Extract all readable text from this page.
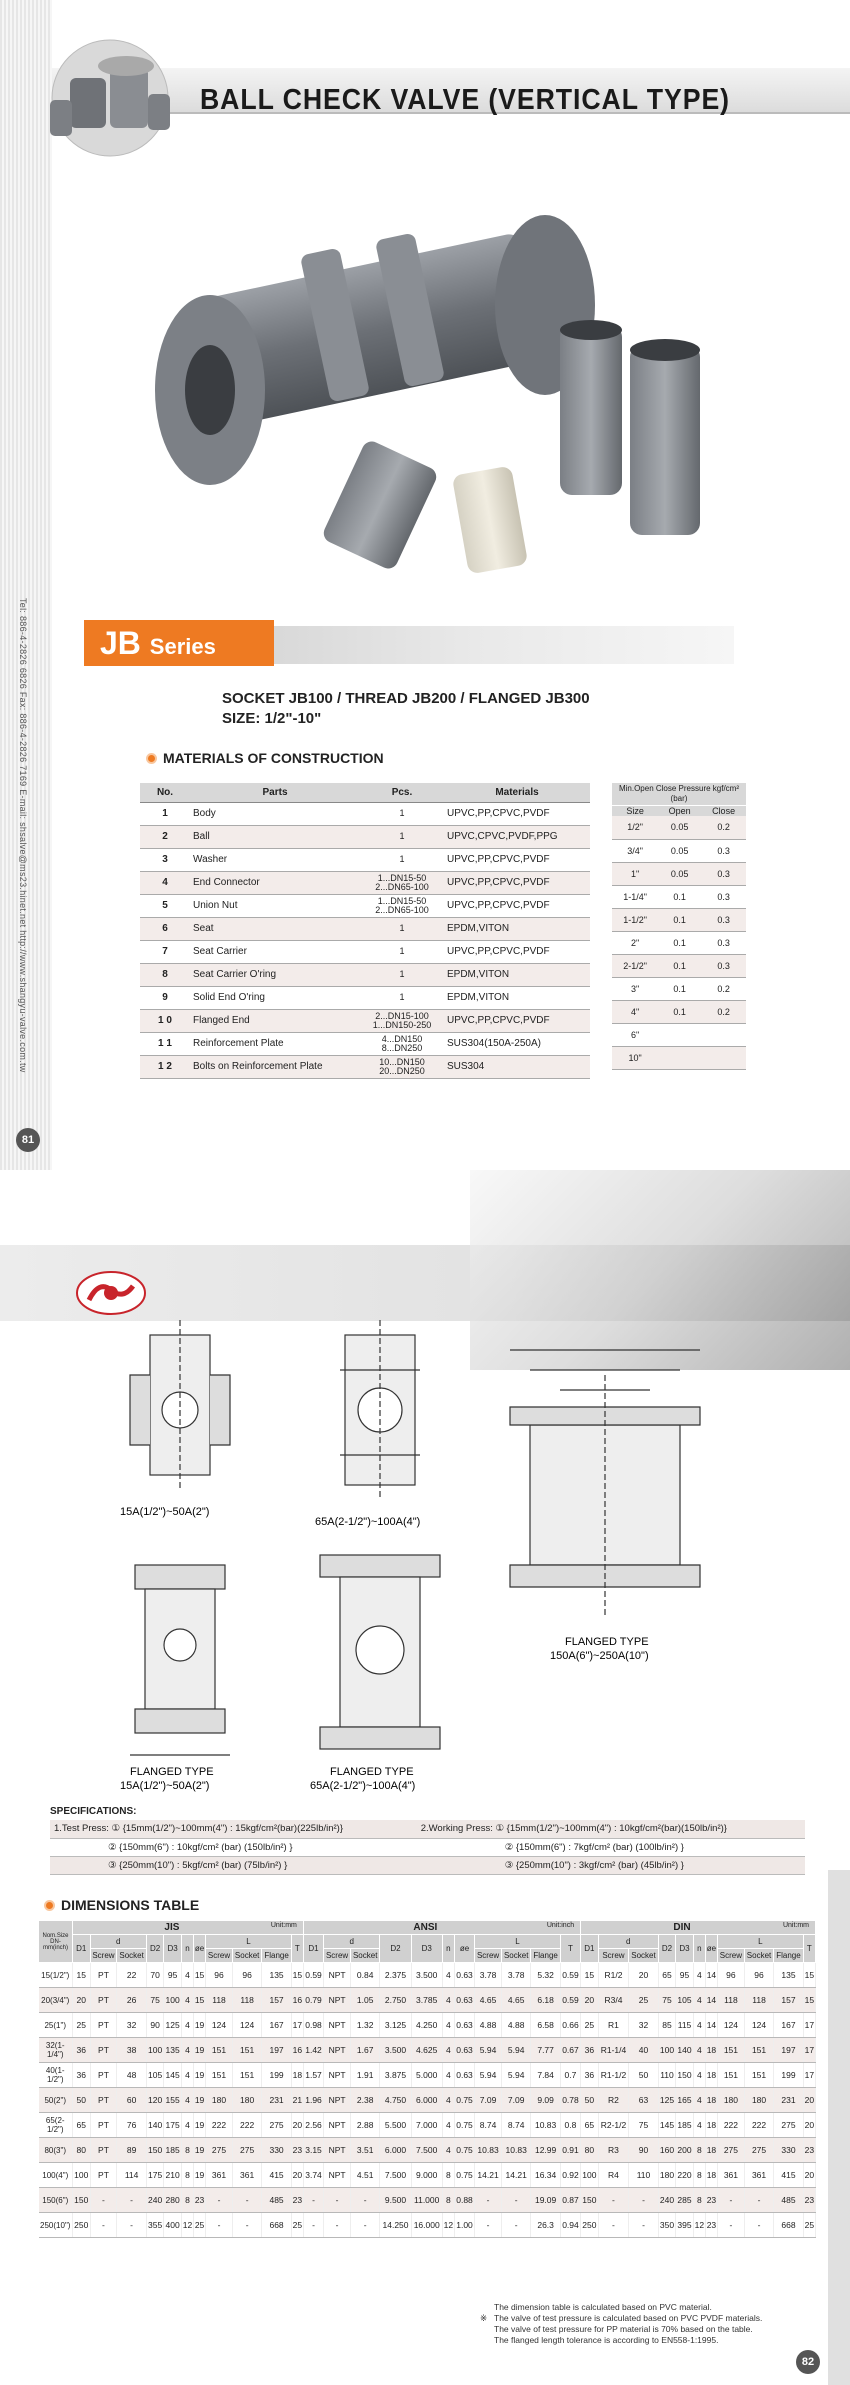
Tel: 886-4-2826 6826 Fax: 886-4-2826 7169 E-mail: shsalve@ms23.hinet.net http://www.shangyu-valve.com.tw
81
BALL CHECK VALVE (VERTICAL TYPE)
JB Series
SOCKET JB100 / THREAD JB200 / FLANGED JB300
SIZE: 1/2"-10"
MATERIALS OF CONSTRUCTION
No.	Parts	Pcs.	Materials
1	Body	1	UPVC,PP,CPVC,PVDF
2	Ball	1	UPVC,CPVC,PVDF,PPG
3	Washer	1	UPVC,PP,CPVC,PVDF
4	End Connector	1...DN15-50
2...DN65-100	UPVC,PP,CPVC,PVDF
5	Union Nut	1...DN15-50
2...DN65-100	UPVC,PP,CPVC,PVDF
6	Seat	1	EPDM,VITON
7	Seat Carrier	1	UPVC,PP,CPVC,PVDF
8	Seat Carrier O'ring	1	EPDM,VITON
9	Solid End O'ring	1	EPDM,VITON
1 0	Flanged End	2...DN15-100
1...DN150-250	UPVC,PP,CPVC,PVDF
1 1	Reinforcement Plate	4...DN150
8...DN250	SUS304(150A-250A)
1 2	Bolts on Reinforcement Plate	10...DN150
20...DN250	SUS304
Min.Open Close Pressure kgf/cm² (bar)
Size	Open	Close
1/2"	0.05	0.2
3/4"	0.05	0.3
1"	0.05	0.3
1-1/4"	0.1	0.3
1-1/2"	0.1	0.3
2"	0.1	0.3
2-1/2"	0.1	0.3
3"	0.1	0.2
4"	0.1	0.2
6"		
10"		
15A(1/2")~50A(2")
65A(2-1/2")~100A(4")
FLANGED TYPE
150A(6")~250A(10")
FLANGED TYPE
15A(1/2")~50A(2")
FLANGED TYPE
65A(2-1/2")~100A(4")
SPECIFICATIONS:
1.Test Press: ① {15mm(1/2")~100mm(4") : 15kgf/cm²(bar)(225lb/in²)}	2.Working Press: ① {15mm(1/2")~100mm(4") : 10kgf/cm²(bar)(150lb/in²)}
② {150mm(6") : 10kgf/cm² (bar) (150lb/in²) }	② {150mm(6") : 7kgf/cm² (bar) (100lb/in²) }
③ {250mm(10") : 5kgf/cm² (bar) (75lb/in²) }	③ {250mm(10") : 3kgf/cm² (bar) (45lb/in²) }
DIMENSIONS TABLE
Nom.Size DN-mm(inch)	JIS Unit:mm											ANSI Unit:inch											DIN Unit:mm										

	D1	d		D2	D3	n	øe	L			T	D1	d		D2	D3	n	øe	L			T	D1	d		D2	D3	n	øe	L			T
		Screw	Socket					Screw	Socket	Flange			Screw	Socket					Screw	Socket	Flange			Screw	Socket					Screw	Socket	Flange	
15(1/2")	15	PT	22	70	95	4	15	96	96	135	15	0.59	NPT	0.84	2.375	3.500	4	0.63	3.78	3.78	5.32	0.59	15	R1/2	20	65	95	4	14	96	96	135	15
20(3/4")	20	PT	26	75	100	4	15	118	118	157	16	0.79	NPT	1.05	2.750	3.785	4	0.63	4.65	4.65	6.18	0.59	20	R3/4	25	75	105	4	14	118	118	157	15
25(1")	25	PT	32	90	125	4	19	124	124	167	17	0.98	NPT	1.32	3.125	4.250	4	0.63	4.88	4.88	6.58	0.66	25	R1	32	85	115	4	14	124	124	167	17
32(1-1/4")	36	PT	38	100	135	4	19	151	151	197	16	1.42	NPT	1.67	3.500	4.625	4	0.63	5.94	5.94	7.77	0.67	36	R1-1/4	40	100	140	4	18	151	151	197	17
40(1-1/2")	36	PT	48	105	145	4	19	151	151	199	18	1.57	NPT	1.91	3.875	5.000	4	0.63	5.94	5.94	7.84	0.7	36	R1-1/2	50	110	150	4	18	151	151	199	17
50(2")	50	PT	60	120	155	4	19	180	180	231	21	1.96	NPT	2.38	4.750	6.000	4	0.75	7.09	7.09	9.09	0.78	50	R2	63	125	165	4	18	180	180	231	20
65(2-1/2")	65	PT	76	140	175	4	19	222	222	275	20	2.56	NPT	2.88	5.500	7.000	4	0.75	8.74	8.74	10.83	0.8	65	R2-1/2	75	145	185	4	18	222	222	275	20
80(3")	80	PT	89	150	185	8	19	275	275	330	23	3.15	NPT	3.51	6.000	7.500	4	0.75	10.83	10.83	12.99	0.91	80	R3	90	160	200	8	18	275	275	330	23
100(4")	100	PT	114	175	210	8	19	361	361	415	20	3.74	NPT	4.51	7.500	9.000	8	0.75	14.21	14.21	16.34	0.92	100	R4	110	180	220	8	18	361	361	415	20
150(6")	150	-	-	240	280	8	23	-	-	485	23	-	-	-	9.500	11.000	8	0.88	-	-	19.09	0.87	150	-	-	240	285	8	23	-	-	485	23
250(10")	250	-	-	355	400	12	25	-	-	668	25	-	-	-	14.250	16.000	12	1.00	-	-	26.3	0.94	250	-	-	350	395	12	23	-	-	668	25
The dimension table is calculated based on PVC material.
※ The valve of test pressure is calculated based on PVC PVDF materials.
The valve of test pressure for PP material is 70% based on the table.
The flanged length tolerance is according to EN558-1:1995.
82
